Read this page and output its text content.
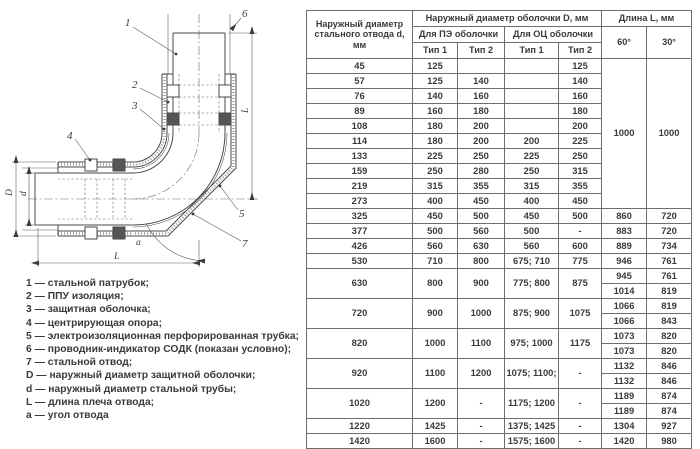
D d
L
L
a
1
2
3
4
5
6
7
1 — стальной патрубок;
2 — ППУ изоляция;
3 — защитная оболочка;
4 — центрирующая опора;
5 — электроизоляционная перфорированная трубка;
6 — проводник-индикатор СОДК (показан условно);
7 — стальной отвод;
D — наружный диаметр защитной оболочки;
d — наружный диаметр стальной трубы;
L — длина плеча отвода;
a — угол отвода
Наружный диаметр стального отвода d, мм	Наружный диаметр оболочки D, мм				Длина L, мм	
	Для ПЭ оболочки		Для ОЦ оболочки		60°	30°
	Тип 1	Тип 2	Тип 1	Тип 2		
45	125			125	1000	1000
57	125	140		140		
76	140	160		160		
89	160	180		180		
108	180	200		200		
114	180	200	200	225		
133	225	250	225	250		
159	250	280	250	315		
219	315	355	315	355		
273	400	450	400	450		
325	450	500	450	500	860	720
377	500	560	500	-	883	720
426	560	630	560	600	889	734
530	710	800	675; 710	775	946	761
630	800	900	775; 800	875	945	761
					1014	819
720	900	1000	875; 900	1075	1066	819
					1066	843
820	1000	1100	975; 1000	1175	1073	820
					1073	820
920	1100	1200	1075; 1100;	-	1132	846
					1132	846
1020	1200	-	1175; 1200	-	1189	874
					1189	874
1220	1425	-	1375; 1425	-	1304	927
1420	1600	-	1575; 1600	-	1420	980
